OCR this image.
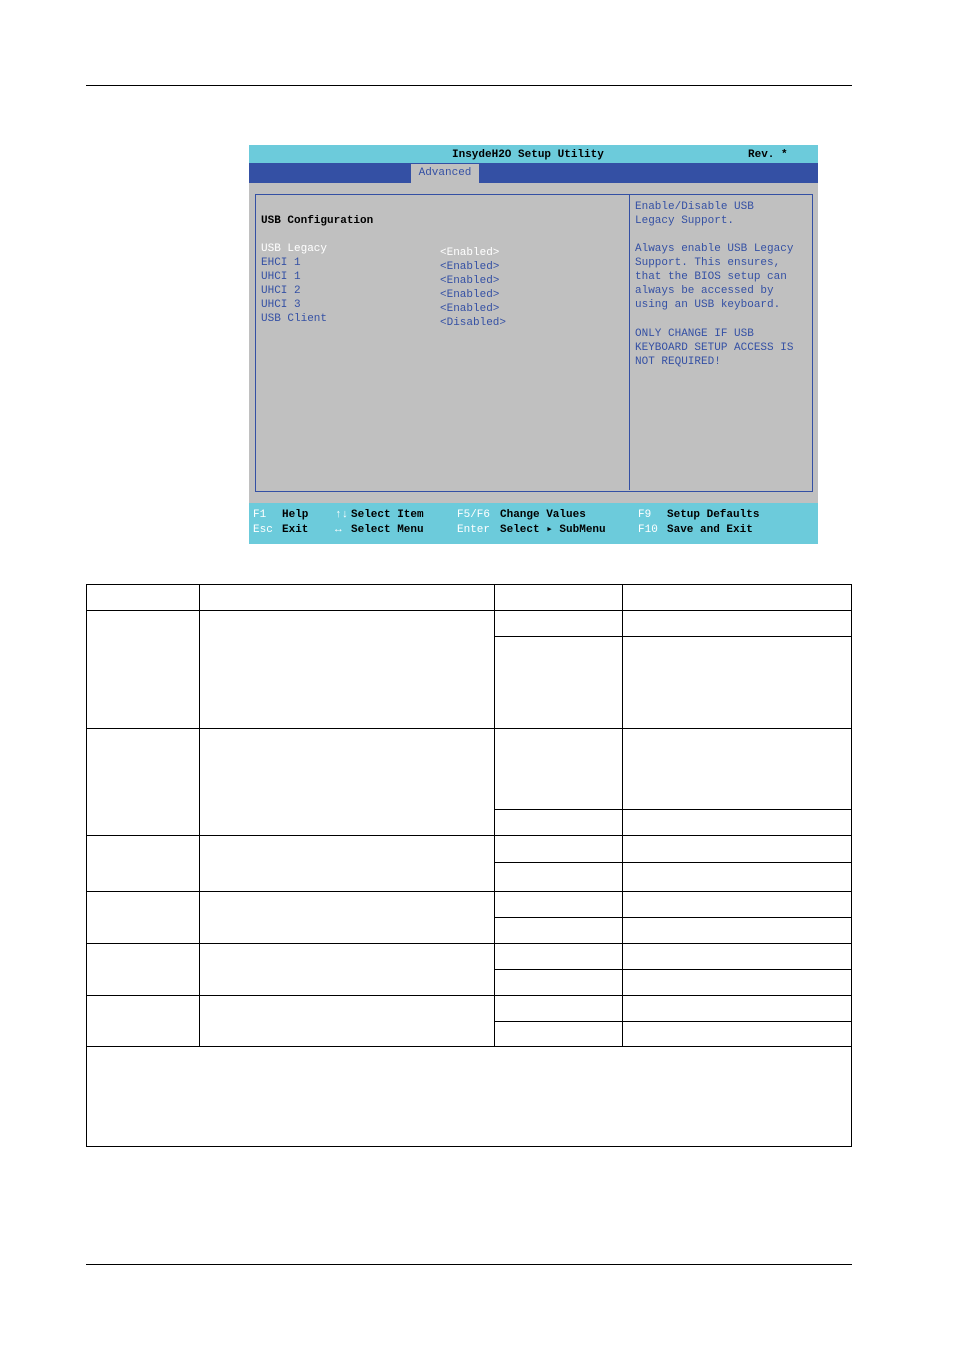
InsydeH2O Setup Utility	Rev. *
Advanced
USB Configuration
USB Legacy
EHCI 1
UHCI 1
UHCI 2
UHCI 3
USB Client
<Enabled>
<Enabled>
<Enabled>
<Enabled>
<Enabled>
<Disabled>
Enable/Disable USB
Legacy Support.
Always enable USB Legacy
Support. This ensures,
that the BIOS setup can
always be accessed by
using an USB keyboard.
ONLY CHANGE IF USB
KEYBOARD SETUP ACCESS IS
NOT REQUIRED!
F1 Help
Esc Exit
↑↓ Select Item
↔ Select Menu
F5/F6 Change Values
Enter Select ▸ SubMenu
F9 Setup Defaults
F10 Save and Exit
